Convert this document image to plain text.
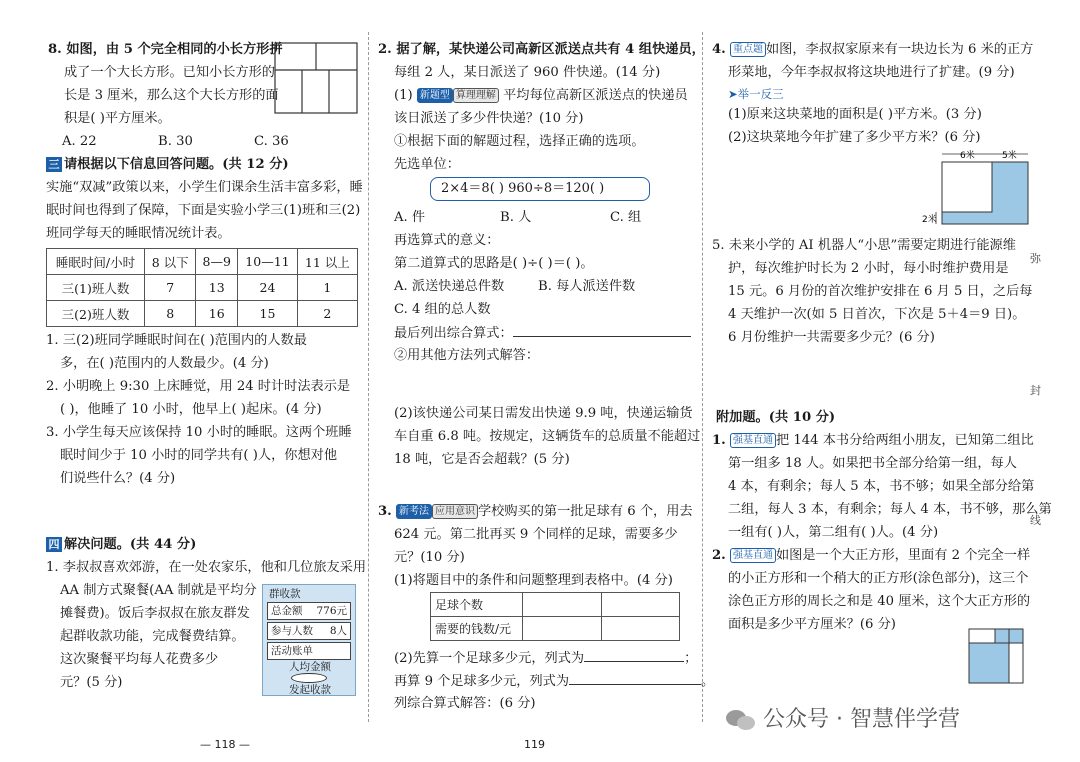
8. 如图，由 5 个完全相同的小长方形拼
成了一个大长方形。已知小长方形的
长是 3 厘米，那么这个大长方形的面
积是( )平方厘米。
A. 22	B. 30	C. 36
三 请根据以下信息回答问题。(共 12 分)
实施“双减”政策以来，小学生们课余生活丰富多彩，睡
眠时间也得到了保障，下面是实验小学三(1)班和三(2)
班同学每天的睡眠情况统计表。
睡眠时间/小时	8 以下	8—9	10—11	11 以上
三(1)班人数	7	13	24	1
三(2)班人数	8	16	15	2
1. 三(2)班同学睡眠时间在( )范围内的人数最
多，在( )范围内的人数最少。(4 分)
2. 小明晚上 9:30 上床睡觉，用 24 时计时法表示是
( )，他睡了 10 小时，他早上( )起床。(4 分)
3. 小学生每天应该保持 10 小时的睡眠。这两个班睡
眠时间少于 10 小时的同学共有( )人，你想对他
们说些什么？(4 分)
四 解决问题。(共 44 分)
1. 李叔叔喜欢郊游，在一处农家乐，他和几位旅友采用
AA 制方式聚餐(AA 制就是平均分
摊餐费)。饭后李叔叔在旅友群发
起群收款功能，完成餐费结算。
这次聚餐平均每人花费多少
元？(5 分)
群收款
总金额 776元
参与人数 8人
活动账单
人均金额
发起收款
2. 据了解，某快递公司高新区派送点共有 4 组快递员，
每组 2 人，某日派送了 960 件快递。(14 分)
(1) 新题型 算理理解 平均每位高新区派送点的快递员
该日派送了多少件快递？(10 分)
①根据下面的解题过程，选择正确的选项。
先选单位：
2×4＝8( ) 960÷8＝120( )
A. 件	B. 人	C. 组
再选算式的意义：
第二道算式的思路是( )÷( )＝( )。
A. 派送快递总件数	B. 每人派送件数
C. 4 组的总人数
最后列出综合算式：
②用其他方法列式解答：
(2)该快递公司某日需发出快递 9.9 吨，快递运输货
车自重 6.8 吨。按规定，这辆货车的总质量不能超过
18 吨，它是否会超载？(5 分)
3. 新考法 应用意识 学校购买的第一批足球有 6 个，用去
624 元。第二批再买 9 个同样的足球，需要多少
元？(10 分)
(1)将题目中的条件和问题整理到表格中。(4 分)
足球个数		
需要的钱数/元		
(2)先算一个足球多少元，列式为	；
再算 9 个足球多少元，列式为	。
列综合算式解答：(6 分)
4. 重点题 如图，李叔叔家原来有一块边长为 6 米的正方
形菜地，今年李叔叔将这块地进行了扩建。(9 分)
➤举一反三
(1)原来这块菜地的面积是( )平方米。(3 分)
(2)这块菜地今年扩建了多少平方米？(6 分)
6米	5米
2米
5. 未来小学的 AI 机器人“小思”需要定期进行能源维
护，每次维护时长为 2 小时，每小时维护费用是
15 元。6 月份的首次维护安排在 6 月 5 日，之后每
4 天维护一次(如 5 日首次，下次是 5＋4＝9 日)。
6 月份维护一共需要多少元？(6 分)
附加题。(共 10 分)
1. 强基直通 把 144 本书分给两组小朋友，已知第二组比
第一组多 18 人。如果把书全部分给第一组，每人
4 本，有剩余；每人 5 本，书不够；如果全部分给第
二组，每人 3 本，有剩余；每人 4 本，书不够，那么第
一组有( )人，第二组有( )人。(4 分)
2. 强基直通 如图是一个大正方形，里面有 2 个完全一样
的小正方形和一个稍大的正方形(涂色部分)，这三个
涂色正方形的周长之和是 40 厘米，这个大正方形的
面积是多少平方厘米？(6 分)
弥
封
线
— 118 —	119
公众号 · 智慧伴学营
